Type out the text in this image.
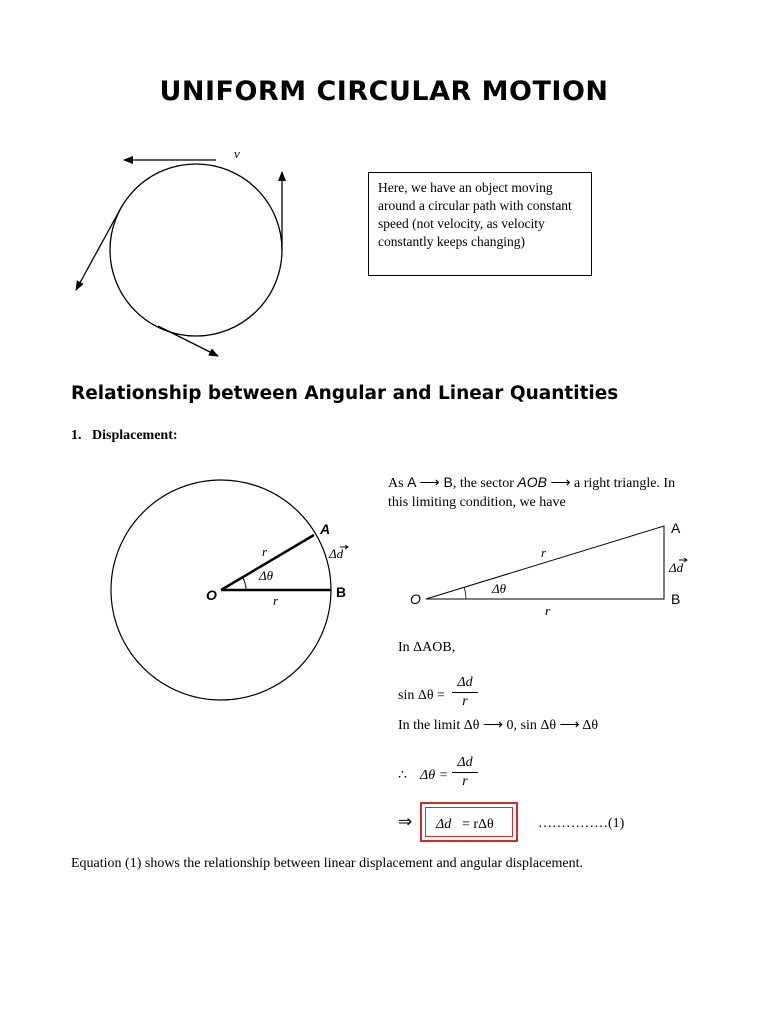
UNIFORM CIRCULAR MOTION
v
Here, we have an object moving around a circular path with constant speed (not velocity, as velocity constantly keeps changing)
Relationship between Angular and Linear Quantities
1. Displacement:
O
A
B
r
r
Δθ
Δd
As A ⟶ B, the sector AOB ⟶ a right triangle. In
this limiting condition, we have
O
A
B
r
r
Δθ
Δd
In ΔAOB,
$\sin \Delta\theta = \frac{\Delta d}{r}$
In the limit Δθ ⟶ 0, sin Δθ ⟶ Δθ
∴ $\Delta\theta = \frac{\Delta d}{r}$
⇒ Δd = rΔθ	……………(1)
Equation (1) shows the relationship between linear displacement and angular displacement.
